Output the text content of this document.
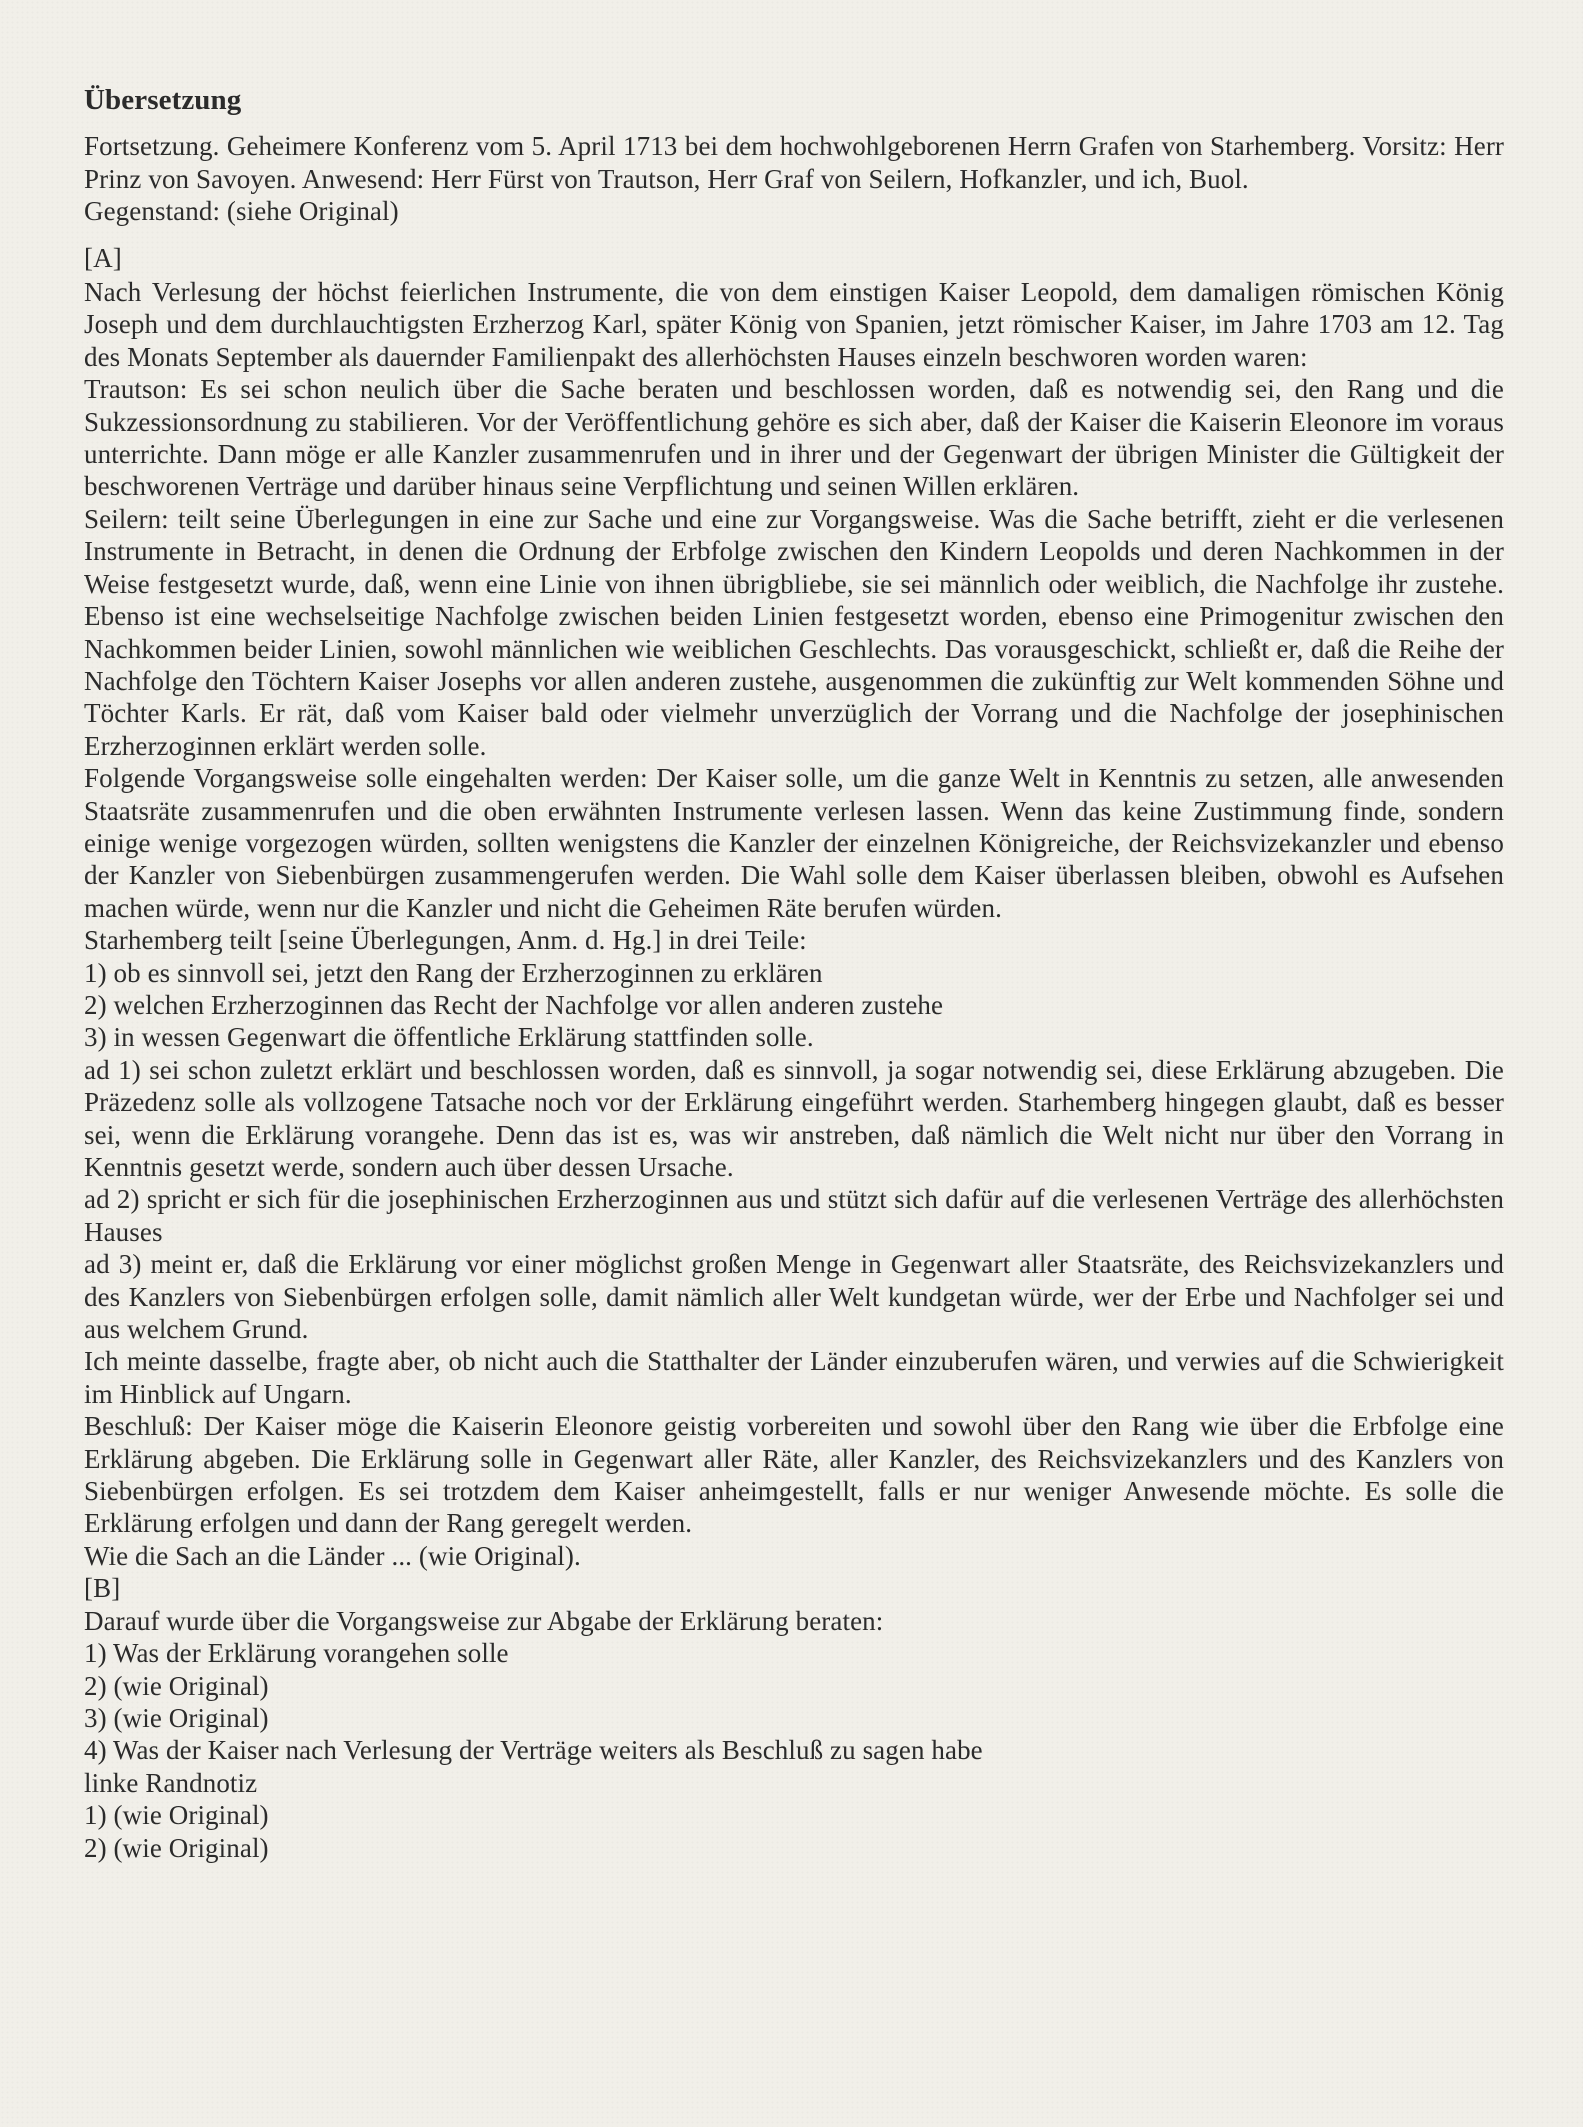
Übersetzung

Fortsetzung. Geheimere Konferenz vom 5. April 1713 bei dem hochwohlgeborenen Herrn Grafen von Starhemberg. Vorsitz: Herr Prinz von Savoyen. Anwesend: Herr Fürst von Trautson, Herr Graf von Seilern, Hofkanzler, und ich, Buol.

Gegenstand: (siehe Original)

[A]

Nach Verlesung der höchst feierlichen Instrumente, die von dem einstigen Kaiser Leopold, dem damaligen römischen König Joseph und dem durchlauchtigsten Erzherzog Karl, später König von Spanien, jetzt römischer Kaiser, im Jahre 1703 am 12. Tag des Monats September als dauernder Familienpakt des allerhöchsten Hauses einzeln beschworen worden waren:

Trautson: Es sei schon neulich über die Sache beraten und beschlossen worden, daß es notwendig sei, den Rang und die Sukzessionsordnung zu stabilieren. Vor der Veröffentlichung gehöre es sich aber, daß der Kaiser die Kaiserin Eleonore im voraus unterrichte. Dann möge er alle Kanzler zusammenrufen und in ihrer und der Gegenwart der übrigen Minister die Gültigkeit der beschworenen Verträge und darüber hinaus seine Verpflichtung und seinen Willen erklären.

Seilern: teilt seine Überlegungen in eine zur Sache und eine zur Vorgangsweise. Was die Sache betrifft, zieht er die verlesenen Instrumente in Betracht, in denen die Ordnung der Erbfolge zwischen den Kindern Leopolds und deren Nachkommen in der Weise festgesetzt wurde, daß, wenn eine Linie von ihnen übrigbliebe, sie sei männlich oder weiblich, die Nachfolge ihr zustehe. Ebenso ist eine wechselseitige Nachfolge zwischen beiden Linien festgesetzt worden, ebenso eine Primogenitur zwischen den Nachkommen beider Linien, sowohl männlichen wie weiblichen Geschlechts. Das vorausgeschickt, schließt er, daß die Reihe der Nachfolge den Töchtern Kaiser Josephs vor allen anderen zustehe, ausgenommen die zukünftig zur Welt kommenden Söhne und Töchter Karls. Er rät, daß vom Kaiser bald oder vielmehr unverzüglich der Vorrang und die Nachfolge der josephinischen Erzherzoginnen erklärt werden solle.

Folgende Vorgangsweise solle eingehalten werden: Der Kaiser solle, um die ganze Welt in Kenntnis zu setzen, alle anwesenden Staatsräte zusammenrufen und die oben erwähnten Instrumente verlesen lassen. Wenn das keine Zustimmung finde, sondern einige wenige vorgezogen würden, sollten wenigstens die Kanzler der einzelnen Königreiche, der Reichsvizekanzler und ebenso der Kanzler von Siebenbürgen zusammengerufen werden. Die Wahl solle dem Kaiser überlassen bleiben, obwohl es Aufsehen machen würde, wenn nur die Kanzler und nicht die Geheimen Räte berufen würden.

Starhemberg teilt [seine Überlegungen, Anm. d. Hg.] in drei Teile:

1) ob es sinnvoll sei, jetzt den Rang der Erzherzoginnen zu erklären

2) welchen Erzherzoginnen das Recht der Nachfolge vor allen anderen zustehe

3) in wessen Gegenwart die öffentliche Erklärung stattfinden solle.

ad 1) sei schon zuletzt erklärt und beschlossen worden, daß es sinnvoll, ja sogar notwendig sei, diese Erklärung abzugeben. Die Präzedenz solle als vollzogene Tatsache noch vor der Erklärung eingeführt werden. Starhemberg hingegen glaubt, daß es besser sei, wenn die Erklärung vorangehe. Denn das ist es, was wir anstreben, daß nämlich die Welt nicht nur über den Vorrang in Kenntnis gesetzt werde, sondern auch über dessen Ursache.

ad 2) spricht er sich für die josephinischen Erzherzoginnen aus und stützt sich dafür auf die verlesenen Verträge des allerhöchsten Hauses

ad 3) meint er, daß die Erklärung vor einer möglichst großen Menge in Gegenwart aller Staatsräte, des Reichsvizekanzlers und des Kanzlers von Siebenbürgen erfolgen solle, damit nämlich aller Welt kundgetan würde, wer der Erbe und Nachfolger sei und aus welchem Grund.

Ich meinte dasselbe, fragte aber, ob nicht auch die Statthalter der Länder einzuberufen wären, und verwies auf die Schwierigkeit im Hinblick auf Ungarn.

Beschluß: Der Kaiser möge die Kaiserin Eleonore geistig vorbereiten und sowohl über den Rang wie über die Erbfolge eine Erklärung abgeben. Die Erklärung solle in Gegenwart aller Räte, aller Kanzler, des Reichsvizekanzlers und des Kanzlers von Siebenbürgen erfolgen. Es sei trotzdem dem Kaiser anheimgestellt, falls er nur weniger Anwesende möchte. Es solle die Erklärung erfolgen und dann der Rang geregelt werden.

Wie die Sach an die Länder ... (wie Original).

[B]

Darauf wurde über die Vorgangsweise zur Abgabe der Erklärung beraten:

1) Was der Erklärung vorangehen solle

2) (wie Original)

3) (wie Original)

4) Was der Kaiser nach Verlesung der Verträge weiters als Beschluß zu sagen habe

linke Randnotiz

1) (wie Original)

2) (wie Original)
